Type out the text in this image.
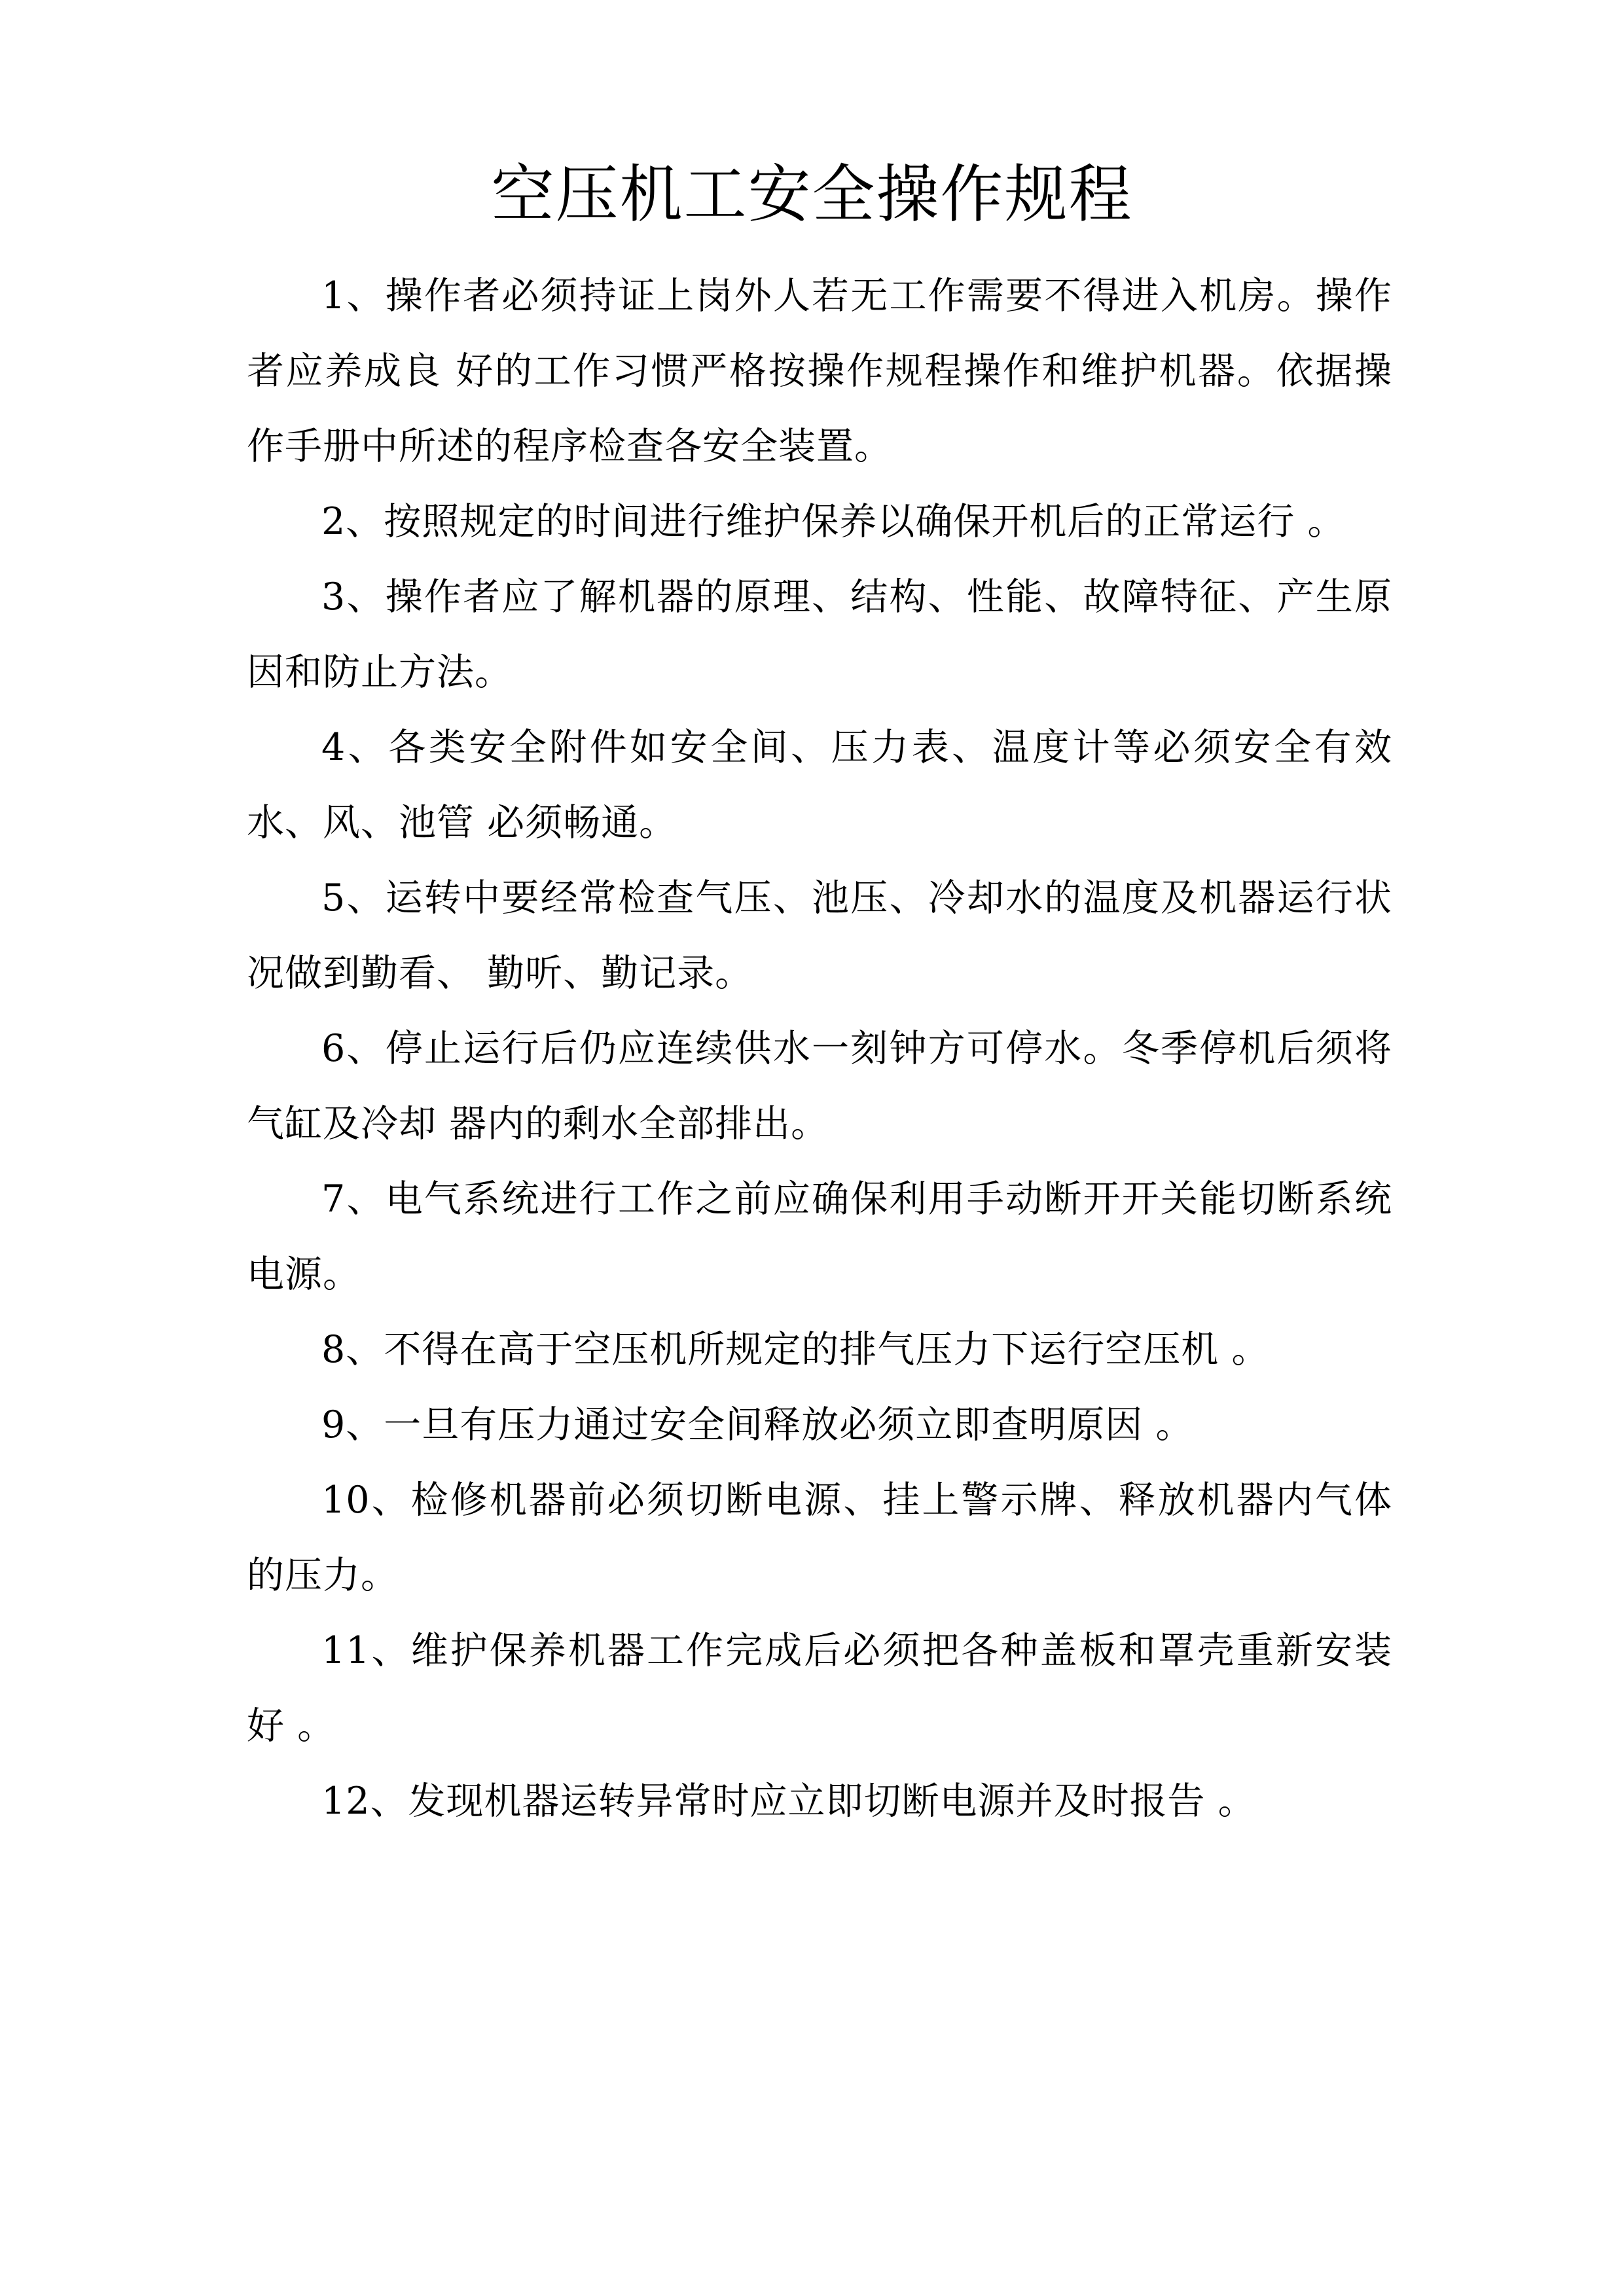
空压机工安全操作规程

1、操作者必须持证上岗外人若无工作需要不得进入机房。操作者应养成良 好的工作习惯严格按操作规程操作和维护机器。依据操作手册中所述的程序检查各安全装置。

2、按照规定的时间进行维护保养以确保开机后的正常运行 。

3、操作者应了解机器的原理、结构、性能、故障特征、产生原因和防止方法。

4、各类安全附件如安全间、压力表、温度计等必须安全有效水、风、池管 必须畅通。

5、运转中要经常检查气压、池压、冷却水的温度及机器运行状况做到勤看、 勤听、勤记录。

6、停止运行后仍应连续供水一刻钟方可停水。冬季停机后须将气缸及冷却 器内的剩水全部排出。

7、电气系统进行工作之前应确保利用手动断开开关能切断系统电源。

8、不得在高于空压机所规定的排气压力下运行空压机 。

9、一旦有压力通过安全间释放必须立即查明原因 。

10、检修机器前必须切断电源、挂上警示牌、释放机器内气体的压力。

11、维护保养机器工作完成后必须把各种盖板和罩壳重新安装好 。

12、发现机器运转异常时应立即切断电源并及时报告 。
